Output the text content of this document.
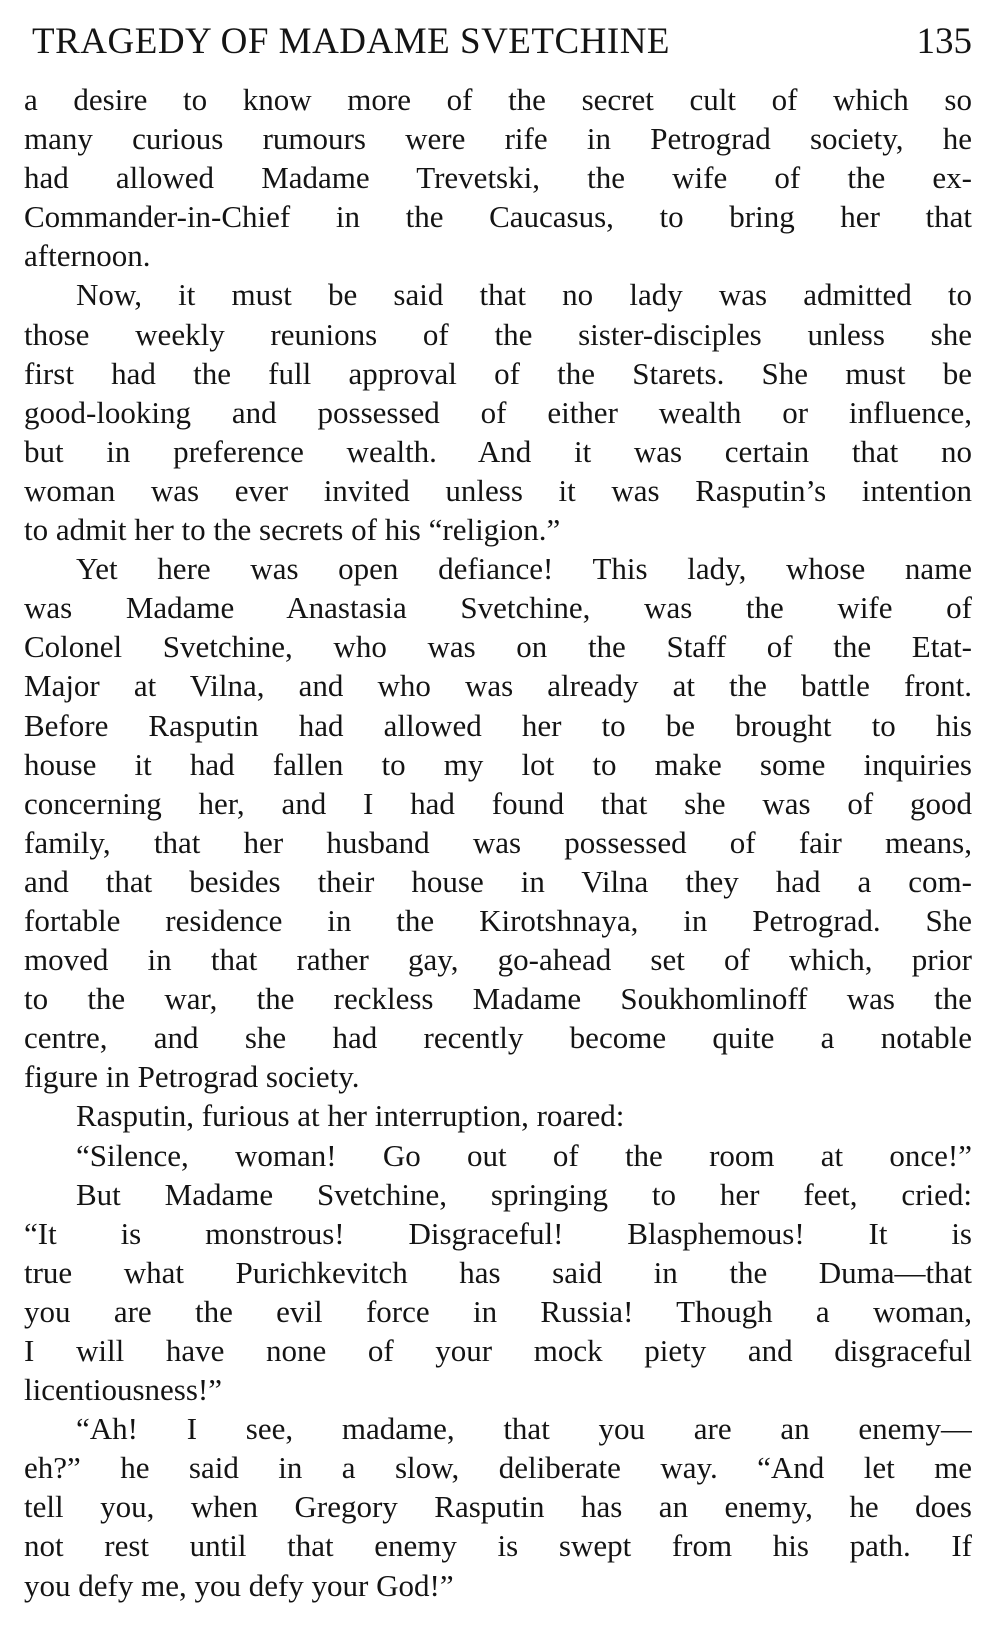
TRAGEDY OF MADAME SVETCHINE	135
a desire to know more of the secret cult of which so
many curious rumours were rife in Petrograd society, he
had allowed Madame Trevetski, the wife of the ex-
Commander-in-Chief in the Caucasus, to bring her that
afternoon.
Now, it must be said that no lady was admitted to
those weekly reunions of the sister-disciples unless she
first had the full approval of the Starets. She must be
good-looking and possessed of either wealth or influence,
but in preference wealth. And it was certain that no
woman was ever invited unless it was Rasputin’s intention
to admit her to the secrets of his “religion.”
Yet here was open defiance! This lady, whose name
was Madame Anastasia Svetchine, was the wife of
Colonel Svetchine, who was on the Staff of the Etat-
Major at Vilna, and who was already at the battle front.
Before Rasputin had allowed her to be brought to his
house it had fallen to my lot to make some inquiries
concerning her, and I had found that she was of good
family, that her husband was possessed of fair means,
and that besides their house in Vilna they had a com-
fortable residence in the Kirotshnaya, in Petrograd. She
moved in that rather gay, go-ahead set of which, prior
to the war, the reckless Madame Soukhomlinoff was the
centre, and she had recently become quite a notable
figure in Petrograd society.
Rasputin, furious at her interruption, roared:
“Silence, woman! Go out of the room at once!”
But Madame Svetchine, springing to her feet, cried:
“It is monstrous! Disgraceful! Blasphemous! It is
true what Purichkevitch has said in the Duma—that
you are the evil force in Russia! Though a woman,
I will have none of your mock piety and disgraceful
licentiousness!”
“Ah! I see, madame, that you are an enemy—
eh?” he said in a slow, deliberate way. “And let me
tell you, when Gregory Rasputin has an enemy, he does
not rest until that enemy is swept from his path. If
you defy me, you defy your God!”
